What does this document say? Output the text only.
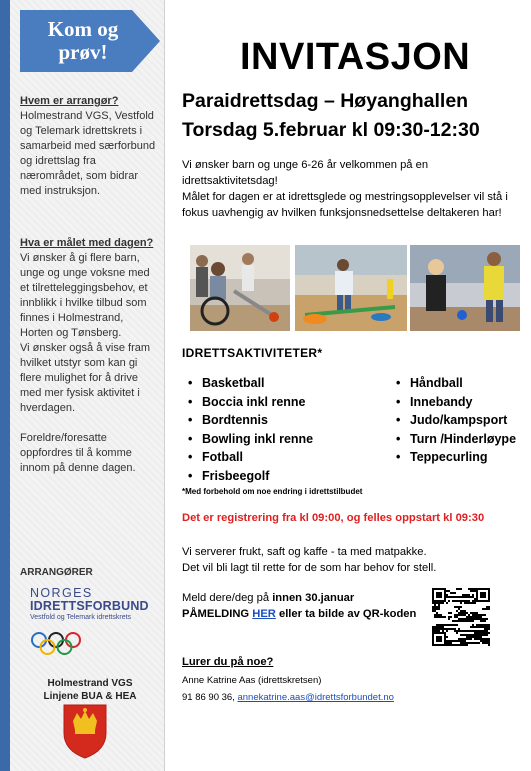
Kom og prøv!
Hvem er arrangør?
Holmestrand VGS, Vestfold og Telemark idrettskrets i samarbeid med særforbund og idrettslag fra nærområdet, som bidrar med instruksjon.
Hva er målet med dagen?
Vi ønsker å gi flere barn, unge og unge voksne med et tilretteleggingsbehov, et innblikk i hvilke tilbud som finnes i Holmestrand, Horten og Tønsberg.
Vi ønsker også å vise fram hvilket utstyr som kan gi flere mulighet for å drive med mer fysisk aktivitet i hverdagen.
Foreldre/foresatte oppfordres til å komme innom på denne dagen.
ARRANGØRER
NORGES
IDRETTSFORBUND
Vestfold og Telemark idrettskrets
Holmestrand VGS
Linjene BUA & HEA
INVITASJON
Paraidrettsdag – Høyanghallen
Torsdag 5.februar kl 09:30-12:30
Vi ønsker barn og unge 6-26 år velkommen på en idrettsaktivitetsdag!
Målet for dagen er at idrettsglede og mestringsopplevelser vil stå i fokus uavhengig av hvilken funksjonsnedsettelse deltakeren har!
IDRETTSAKTIVITETER*
• Basketball
• Boccia inkl renne
• Bordtennis
• Bowling inkl renne
• Fotball
• Frisbeegolf
• Håndball
• Innebandy
• Judo/kampsport
• Turn /Hinderløype
• Teppecurling
*Med forbehold om noe endring i idrettstilbudet
Det er registrering fra kl 09:00, og felles oppstart kl 09:30
Vi serverer frukt, saft og kaffe - ta med matpakke.
Det vil bli lagt til rette for de som har behov for stell.
Meld dere/deg på innen 30.januar
PÅMELDING HER eller ta bilde av QR-koden
Lurer du på noe?
Anne Katrine Aas (idrettskretsen)
91 86 90 36, annekatrine.aas@idrettsforbundet.no
